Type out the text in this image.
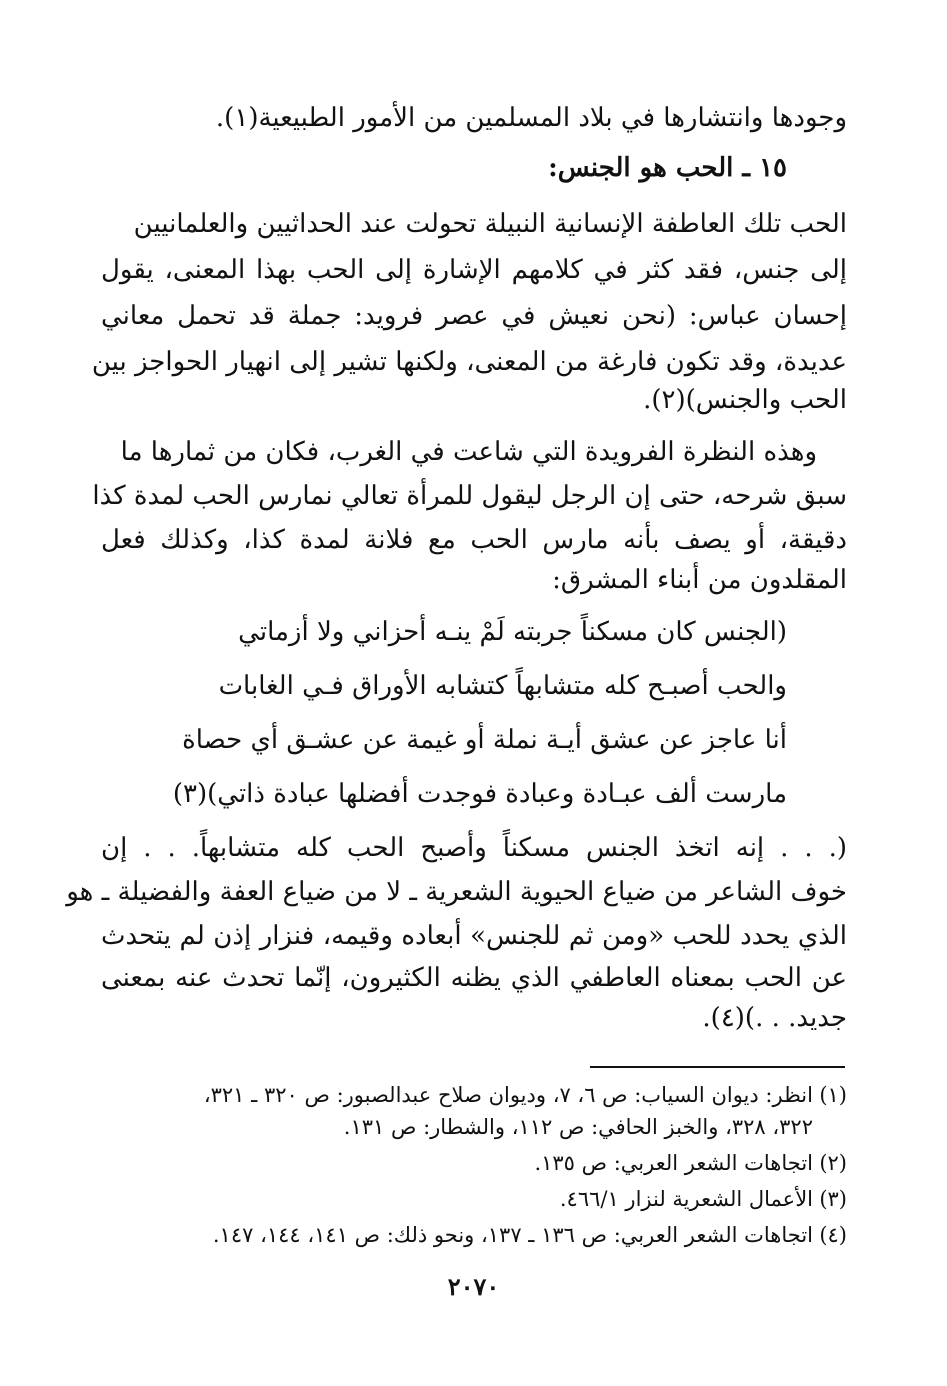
وجودها وانتشارها في بلاد المسلمين من الأمور الطبيعية(١).
١٥ ـ الحب هو الجنس:
الحب تلك العاطفة الإنسانية النبيلة تحولت عند الحداثيين والعلمانيين
إلى جنس، فقد كثر في كلامهم الإشارة إلى الحب بهذا المعنى، يقول
إحسان عباس: (نحن نعيش في عصر فرويد: جملة قد تحمل معاني
عديدة، وقد تكون فارغة من المعنى، ولكنها تشير إلى انهيار الحواجز بين
الحب والجنس)(٢).
وهذه النظرة الفرويدة التي شاعت في الغرب، فكان من ثمارها ما
سبق شرحه، حتى إن الرجل ليقول للمرأة تعالي نمارس الحب لمدة كذا
دقيقة، أو يصف بأنه مارس الحب مع فلانة لمدة كذا، وكذلك فعل
المقلدون من أبناء المشرق:
(الجنس كان مسكناً جربته لَمْ ينـه أحزاني ولا أزماتي
والحب أصبـح كله متشابهاً كتشابه الأوراق فـي الغابات
أنا عاجز عن عشق أيـة نملة أو غيمة عن عشـق أي حصاة
مارست ألف عبـادة وعبادة فوجدت أفضلها عبادة ذاتي)(٣)
(. . . إنه اتخذ الجنس مسكناً وأصبح الحب كله متشابهاً. . . إن
خوف الشاعر من ضياع الحيوية الشعرية ـ لا من ضياع العفة والفضيلة ـ هو
الذي يحدد للحب «ومن ثم للجنس» أبعاده وقيمه، فنزار إذن لم يتحدث
عن الحب بمعناه العاطفي الذي يظنه الكثيرون، إنّما تحدث عنه بمعنى
جديد. . .)(٤).
(١)انظر: ديوان السياب: ص ٦، ٧، وديوان صلاح عبدالصبور: ص ٣٢٠ ـ ٣٢١،
٣٢٢، ٣٢٨، والخبز الحافي: ص ١١٢، والشطار: ص ١٣١.
(٢)اتجاهات الشعر العربي: ص ١٣٥.
(٣)الأعمال الشعرية لنزار ٤٦٦/١.
(٤)اتجاهات الشعر العربي: ص ١٣٦ ـ ١٣٧، ونحو ذلك: ص ١٤١، ١٤٤، ١٤٧.
٢٠٧٠
